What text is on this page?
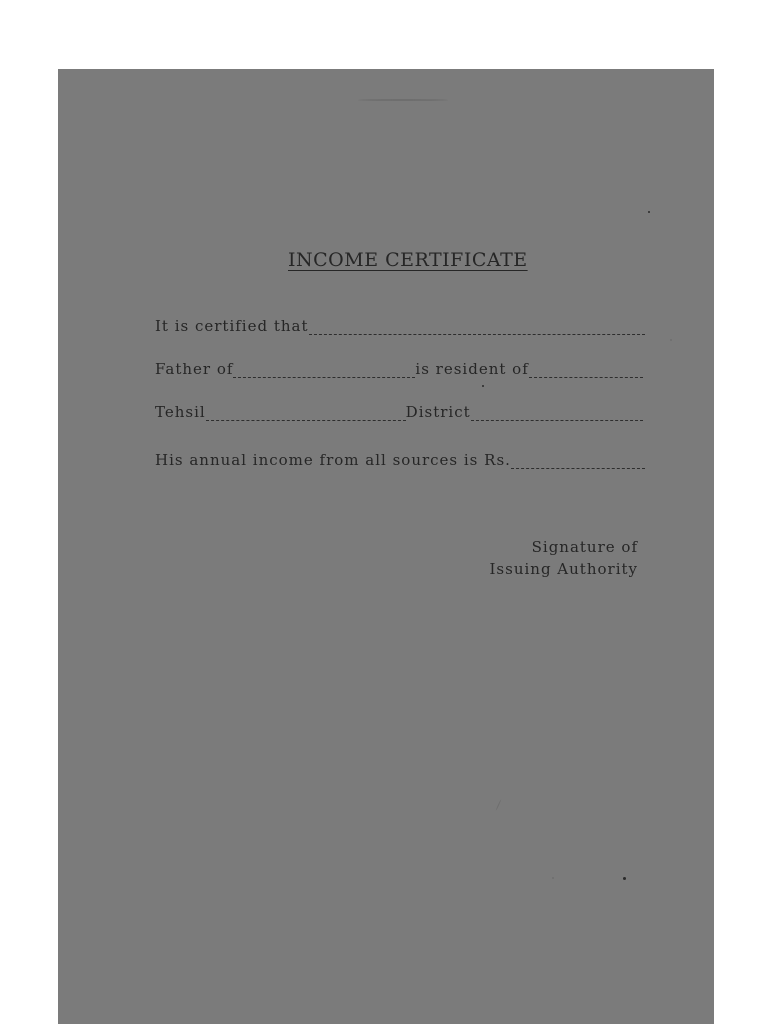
INCOME CERTIFICATE
It is certified that
Father of	is resident of
Tehsil	District
His annual income from all sources is Rs.
Signature of
Issuing Authority
